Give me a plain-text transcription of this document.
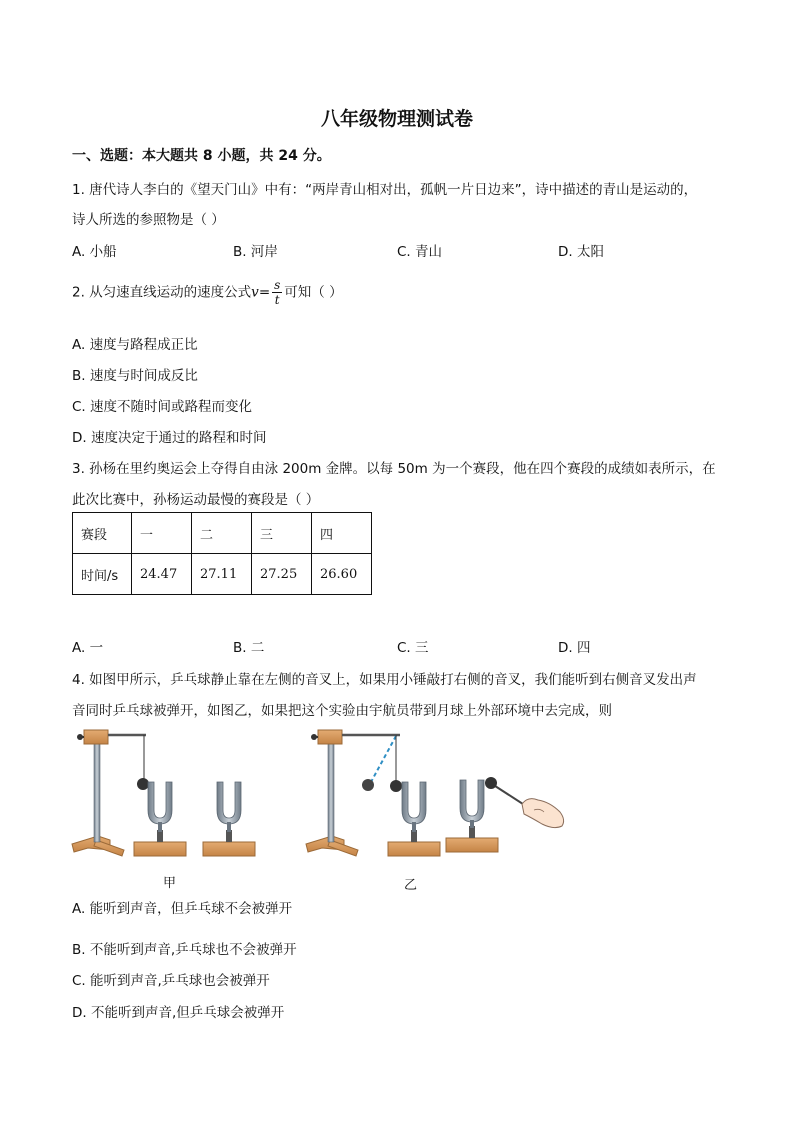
八年级物理测试卷
一、选题：本大题共 8 小题，共 24 分。
1. 唐代诗人李白的《望天门山》中有：“两岸青山相对出，孤帆一片日边来”，诗中描述的青山是运动的，
诗人所选的参照物是（ ）
A. 小船	B. 河岸	C. 青山	D. 太阳
2. 从匀速直线运动的速度公式$v= \frac{s}{t}$ 可知（ ）
A. 速度与路程成正比
B. 速度与时间成反比
C. 速度不随时间或路程而变化
D. 速度决定于通过的路程和时间
3. 孙杨在里约奥运会上夺得自由泳 200m 金牌。以每 50m 为一个赛段，他在四个赛段的成绩如表所示，在
此次比赛中，孙杨运动最慢的赛段是（ ）
赛段	一	二	三	四
时间/s	24.47	27.11	27.25	26.60
A. 一	B. 二	C. 三	D. 四
4. 如图甲所示，乒乓球静止靠在左侧的音叉上，如果用小锤敲打右侧的音叉，我们能听到右侧音叉发出声
音同时乒乓球被弹开，如图乙，如果把这个实验由宇航员带到月球上外部环境中去完成，则
甲	乙
A. 能听到声音，但乒乓球不会被弹开
B. 不能听到声音,乒乓球也不会被弹开
C. 能听到声音,乒乓球也会被弹开
D. 不能听到声音,但乒乓球会被弹开
